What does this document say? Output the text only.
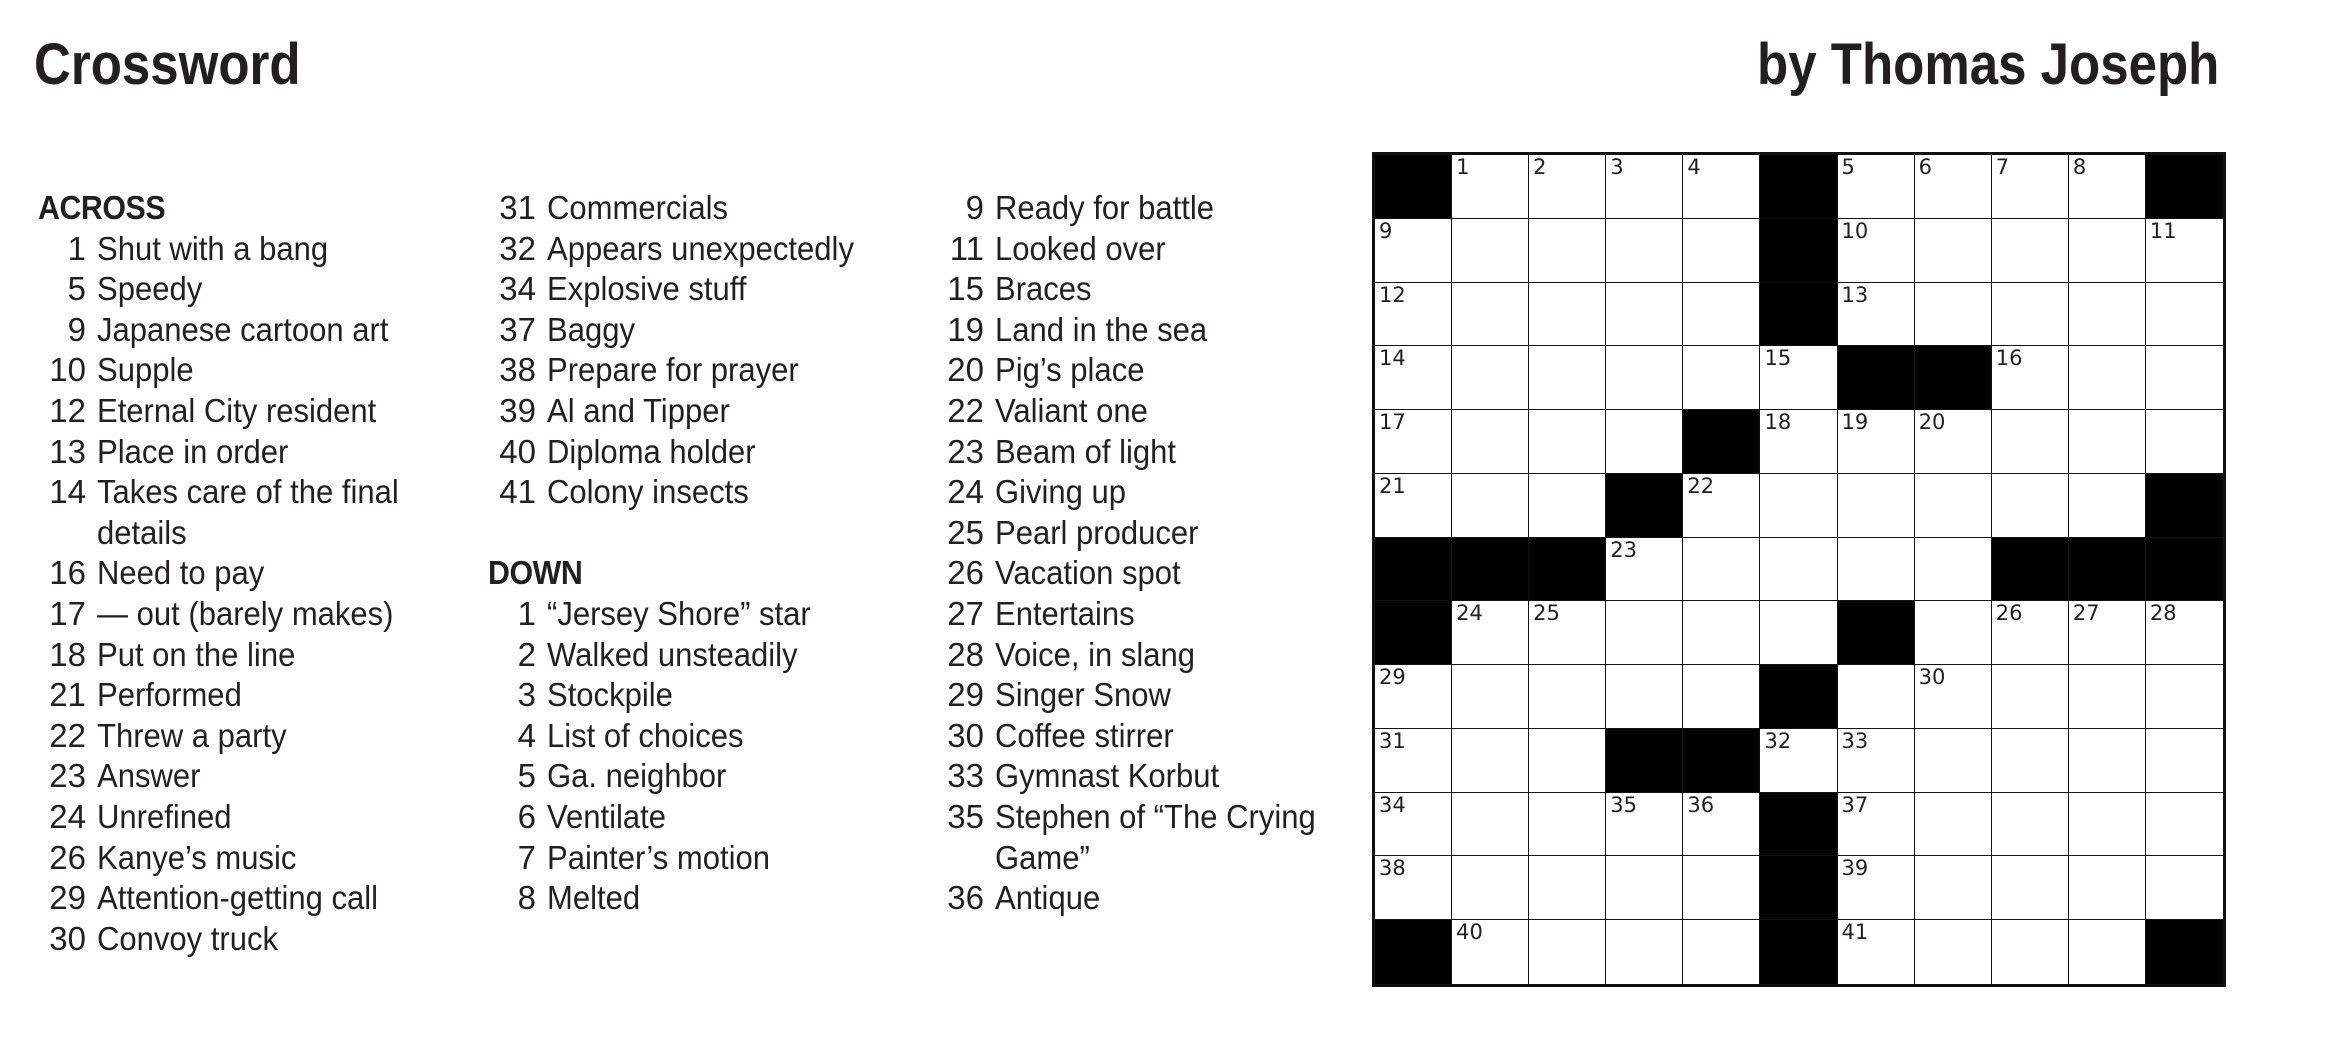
Crossword	by Thomas Joseph
ACROSS
1 Shut with a bang
5 Speedy
9 Japanese cartoon art
10 Supple
12 Eternal City resident
13 Place in order
14 Takes care of the final details
16 Need to pay
17 — out (barely makes)
18 Put on the line
21 Performed
22 Threw a party
23 Answer
24 Unrefined
26 Kanye’s music
29 Attention-getting call
30 Convoy truck
31 Commercials
32 Appears unexpectedly
34 Explosive stuff
37 Baggy
38 Prepare for prayer
39 Al and Tipper
40 Diploma holder
41 Colony insects
DOWN
1 “Jersey Shore” star
2 Walked unsteadily
3 Stockpile
4 List of choices
5 Ga. neighbor
6 Ventilate
7 Painter’s motion
8 Melted
9 Ready for battle
11 Looked over
15 Braces
19 Land in the sea
20 Pig’s place
22 Valiant one
23 Beam of light
24 Giving up
25 Pearl producer
26 Vacation spot
27 Entertains
28 Voice, in slang
29 Singer Snow
30 Coffee stirrer
33 Gymnast Korbut
35 Stephen of “The Crying Game”
36 Antique
1	2	3	4	5	6	7	8
9	10	11
12	13
14	15	16
17	18 19 20
21	22
23
24 25	26 27 28
29	30
31	32 33
34	35 36	37
38	39
40	41
